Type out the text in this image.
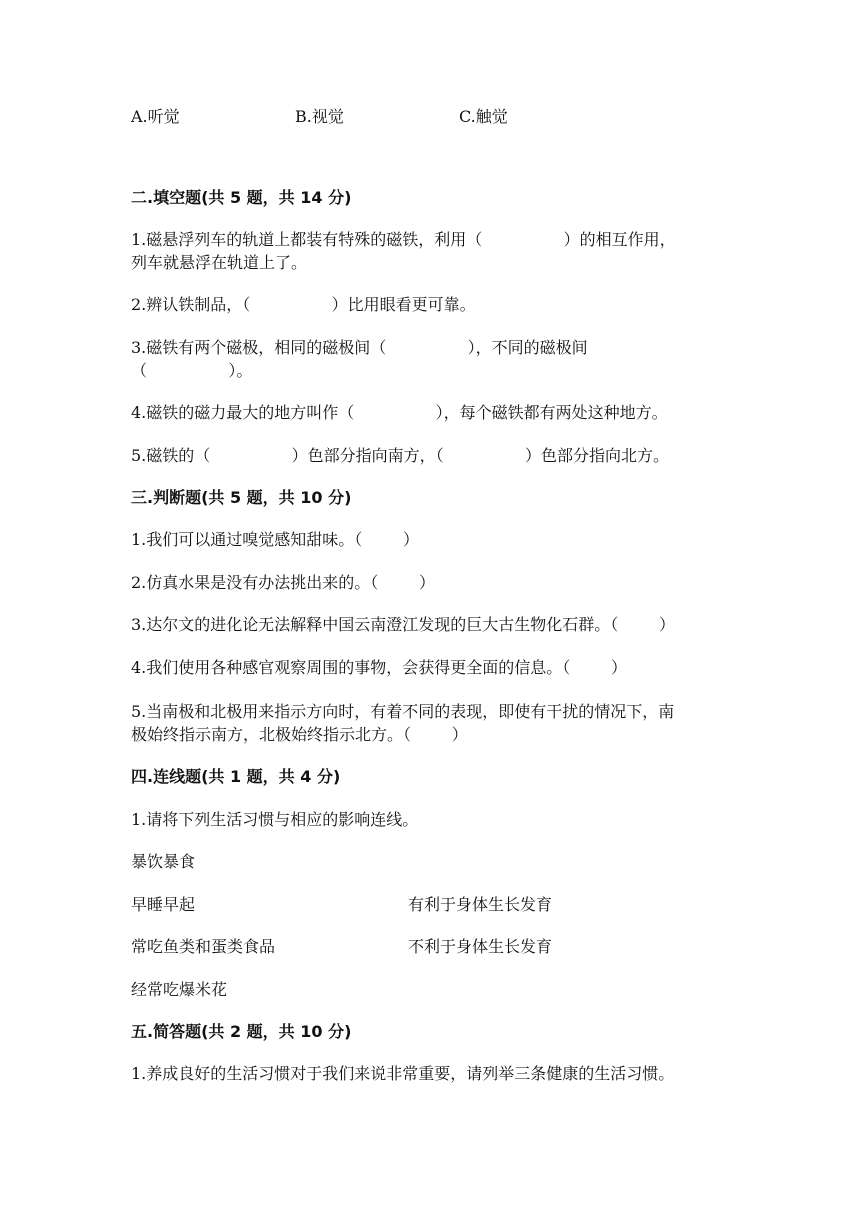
A.听觉	B.视觉	C.触觉
二.填空题(共 5 题，共 14 分)
1.磁悬浮列车的轨道上都装有特殊的磁铁，利用（                ）的相互作用，
列车就悬浮在轨道上了。
2.辨认铁制品，（                ）比用眼看更可靠。
3.磁铁有两个磁极，相同的磁极间（                ），不同的磁极间
（                ）。
4.磁铁的磁力最大的地方叫作（                ），每个磁铁都有两处这种地方。
5.磁铁的（                ）色部分指向南方，（                ）色部分指向北方。
三.判断题(共 5 题，共 10 分)
1.我们可以通过嗅觉感知甜味。（        ）
2.仿真水果是没有办法挑出来的。（        ）
3.达尔文的进化论无法解释中国云南澄江发现的巨大古生物化石群。（        ）
4.我们使用各种感官观察周围的事物，会获得更全面的信息。（        ）
5.当南极和北极用来指示方向时，有着不同的表现，即使有干扰的情况下，南
极始终指示南方，北极始终指示北方。（        ）
四.连线题(共 1 题，共 4 分)
1.请将下列生活习惯与相应的影响连线。
暴饮暴食
早睡早起	有利于身体生长发育
常吃鱼类和蛋类食品	不利于身体生长发育
经常吃爆米花
五.简答题(共 2 题，共 10 分)
1.养成良好的生活习惯对于我们来说非常重要，请列举三条健康的生活习惯。
